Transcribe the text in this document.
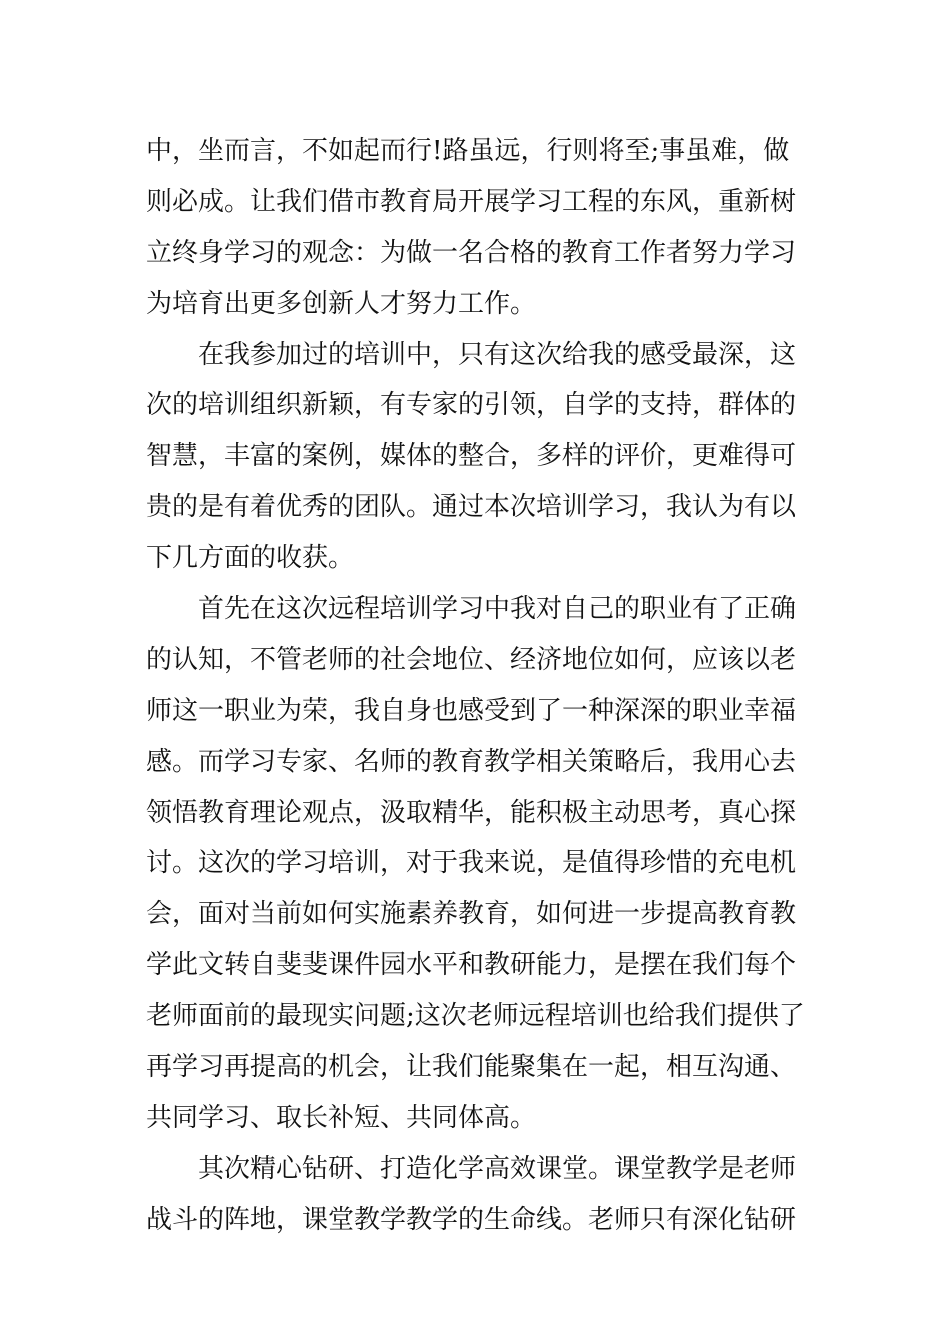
中，坐而言，不如起而行!路虽远，行则将至;事虽难，做
则必成。让我们借市教育局开展学习工程的东风，重新树
立终身学习的观念：为做一名合格的教育工作者努力学习
为培育出更多创新人才努力工作。
在我参加过的培训中，只有这次给我的感受最深，这
次的培训组织新颖，有专家的引领，自学的支持，群体的
智慧，丰富的案例，媒体的整合，多样的评价，更难得可
贵的是有着优秀的团队。通过本次培训学习，我认为有以
下几方面的收获。
首先在这次远程培训学习中我对自己的职业有了正确
的认知，不管老师的社会地位、经济地位如何，应该以老
师这一职业为荣，我自身也感受到了一种深深的职业幸福
感。而学习专家、名师的教育教学相关策略后，我用心去
领悟教育理论观点，汲取精华，能积极主动思考，真心探
讨。这次的学习培训，对于我来说，是值得珍惜的充电机
会，面对当前如何实施素养教育，如何进一步提高教育教
学此文转自斐斐课件园水平和教研能力，是摆在我们每个
老师面前的最现实问题;这次老师远程培训也给我们提供了
再学习再提高的机会，让我们能聚集在一起，相互沟通、
共同学习、取长补短、共同体高。
其次精心钻研、打造化学高效课堂。课堂教学是老师
战斗的阵地，课堂教学教学的生命线。老师只有深化钻研
